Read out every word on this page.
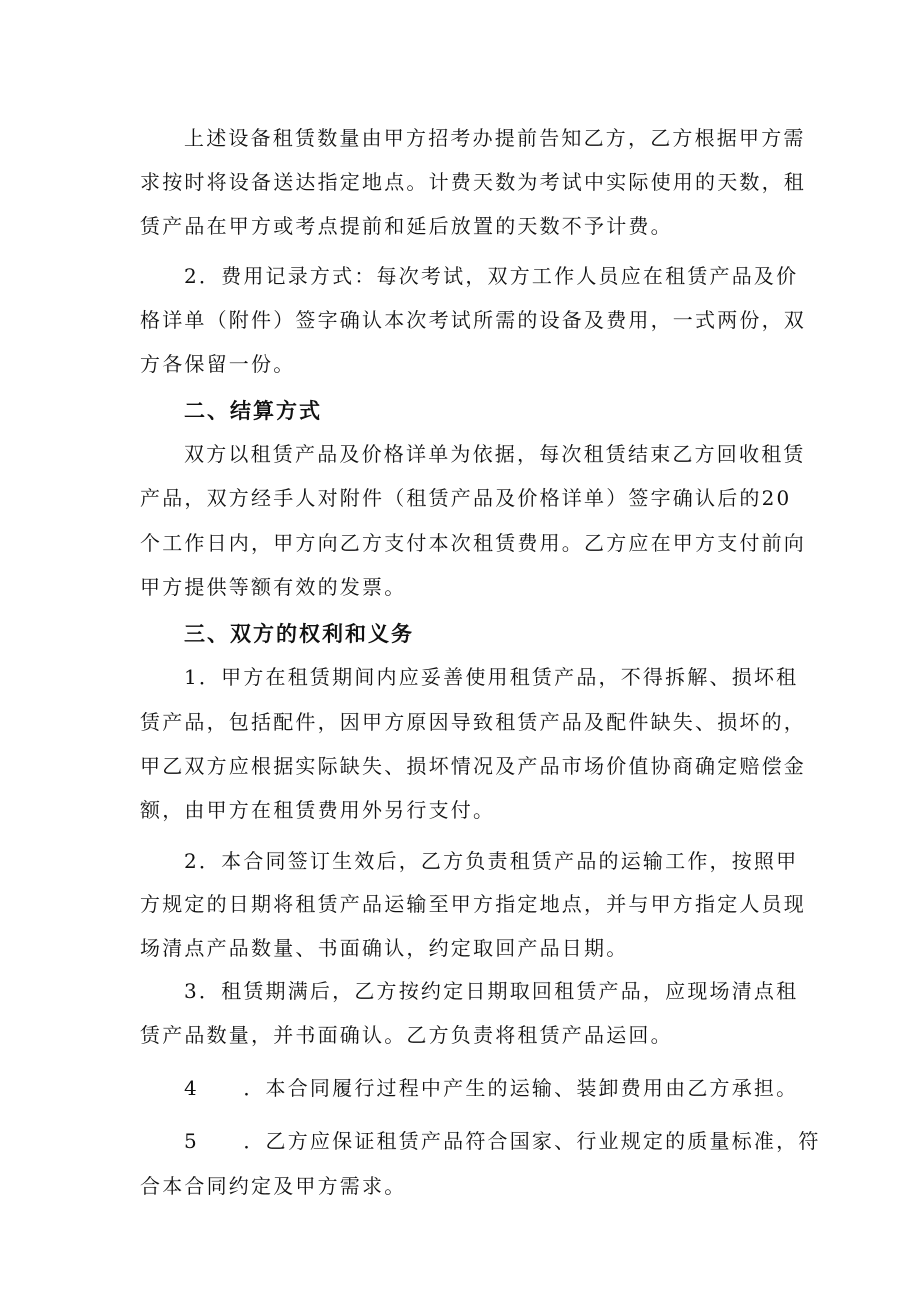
上述设备租赁数量由甲方招考办提前告知乙方，乙方根据甲方需
求按时将设备送达指定地点。计费天数为考试中实际使用的天数，租
赁产品在甲方或考点提前和延后放置的天数不予计费。
2．费用记录方式：每次考试，双方工作人员应在租赁产品及价
格详单（附件）签字确认本次考试所需的设备及费用，一式两份，双
方各保留一份。
二、结算方式
双方以租赁产品及价格详单为依据，每次租赁结束乙方回收租赁
产品，双方经手人对附件（租赁产品及价格详单）签字确认后的20
个工作日内，甲方向乙方支付本次租赁费用。乙方应在甲方支付前向
甲方提供等额有效的发票。
三、双方的权利和义务
1．甲方在租赁期间内应妥善使用租赁产品，不得拆解、损坏租
赁产品，包括配件，因甲方原因导致租赁产品及配件缺失、损坏的，
甲乙双方应根据实际缺失、损坏情况及产品市场价值协商确定赔偿金
额，由甲方在租赁费用外另行支付。
2．本合同签订生效后，乙方负责租赁产品的运输工作，按照甲
方规定的日期将租赁产品运输至甲方指定地点，并与甲方指定人员现
场清点产品数量、书面确认，约定取回产品日期。
3．租赁期满后，乙方按约定日期取回租赁产品，应现场清点租
赁产品数量，并书面确认。乙方负责将租赁产品运回。
4　　．本合同履行过程中产生的运输、装卸费用由乙方承担。
5　　．乙方应保证租赁产品符合国家、行业规定的质量标准，符
合本合同约定及甲方需求。
